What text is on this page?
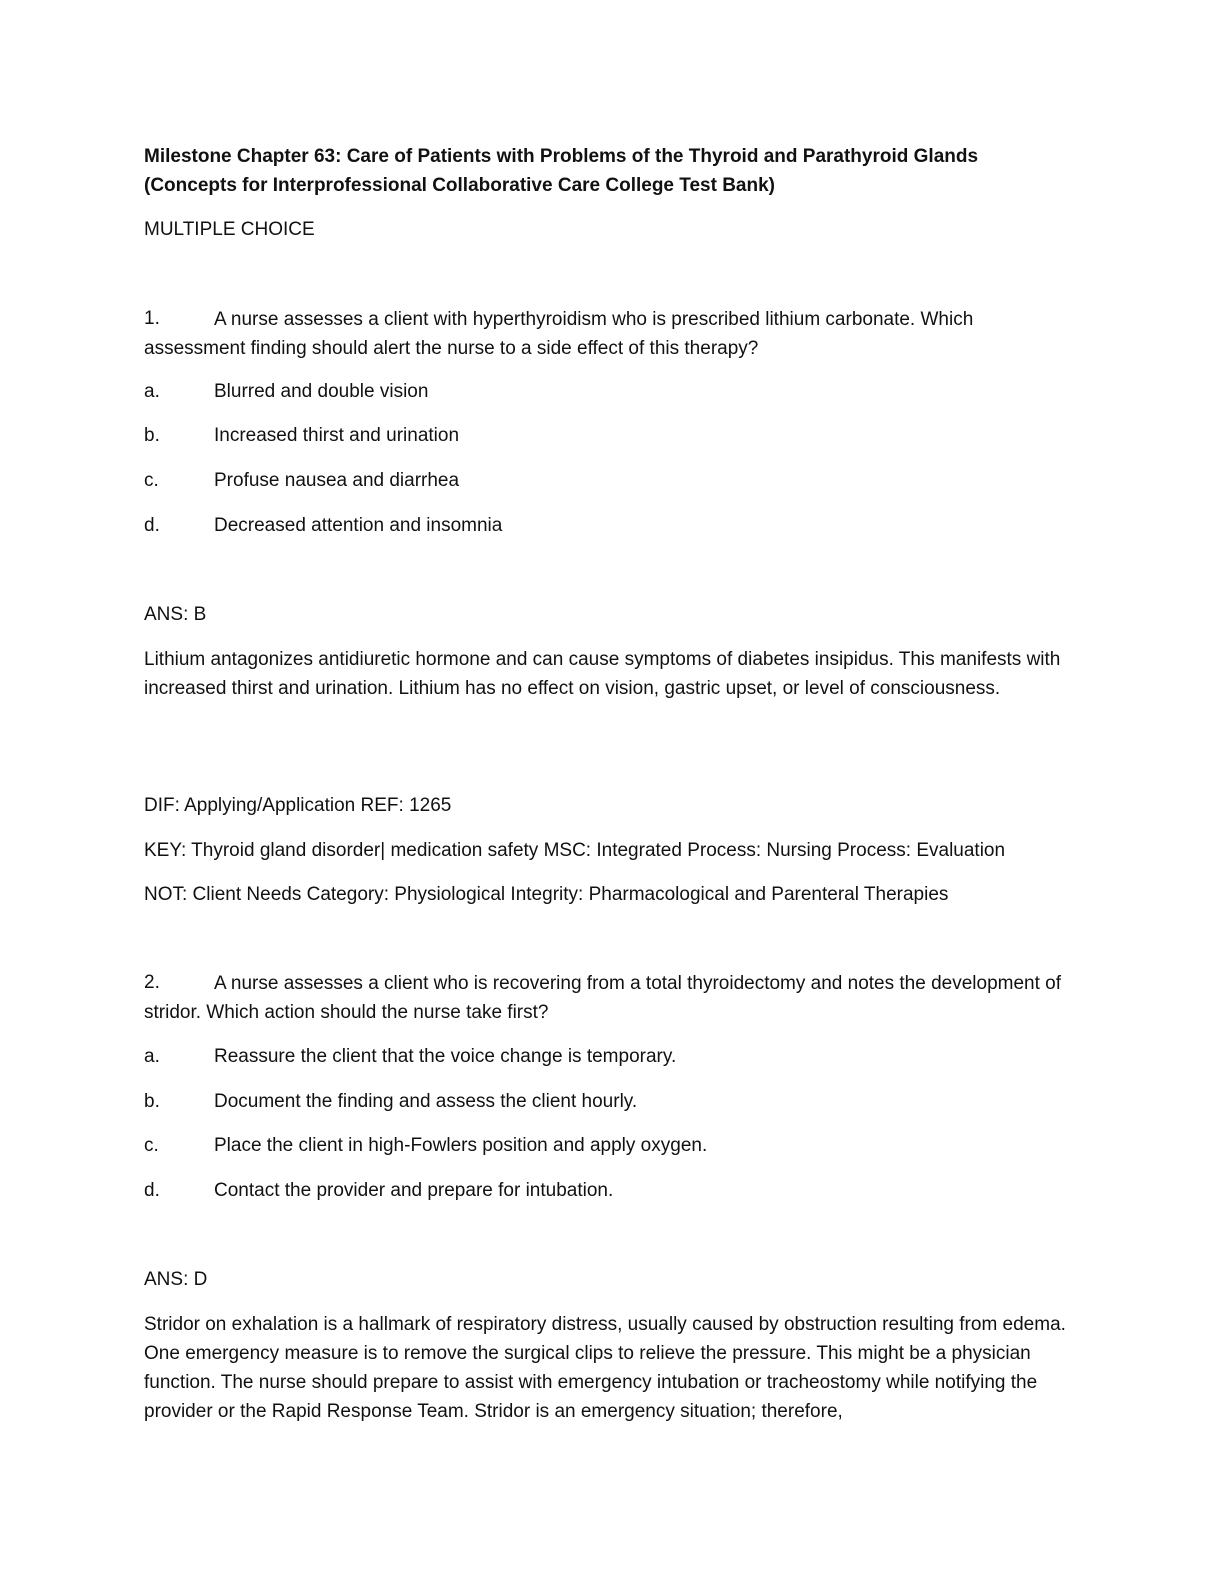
Milestone Chapter 63: Care of Patients with Problems of the Thyroid and Parathyroid Glands
(Concepts for Interprofessional Collaborative Care College Test Bank)
MULTIPLE CHOICE
1.	A nurse assesses a client with hyperthyroidism who is prescribed lithium carbonate. Which assessment finding should alert the nurse to a side effect of this therapy?

a.	Blurred and double vision
b.	Increased thirst and urination
c.	Profuse nausea and diarrhea
d.	Decreased attention and insomnia
ANS: B

Lithium antagonizes antidiuretic hormone and can cause symptoms of diabetes insipidus. This manifests with increased thirst and urination. Lithium has no effect on vision, gastric upset, or level of consciousness.

DIF: Applying/Application REF: 1265
KEY: Thyroid gland disorder| medication safety MSC: Integrated Process: Nursing Process: Evaluation
NOT: Client Needs Category: Physiological Integrity: Pharmacological and Parenteral Therapies
2.	A nurse assesses a client who is recovering from a total thyroidectomy and notes the development of stridor. Which action should the nurse take first?

a.	Reassure the client that the voice change is temporary.
b.	Document the finding and assess the client hourly.
c.	Place the client in high-Fowlers position and apply oxygen.
d.	Contact the provider and prepare for intubation.
ANS: D

Stridor on exhalation is a hallmark of respiratory distress, usually caused by obstruction resulting from edema. One emergency measure is to remove the surgical clips to relieve the pressure. This might be a physician function. The nurse should prepare to assist with emergency intubation or tracheostomy while notifying the provider or the Rapid Response Team. Stridor is an emergency situation; therefore,
